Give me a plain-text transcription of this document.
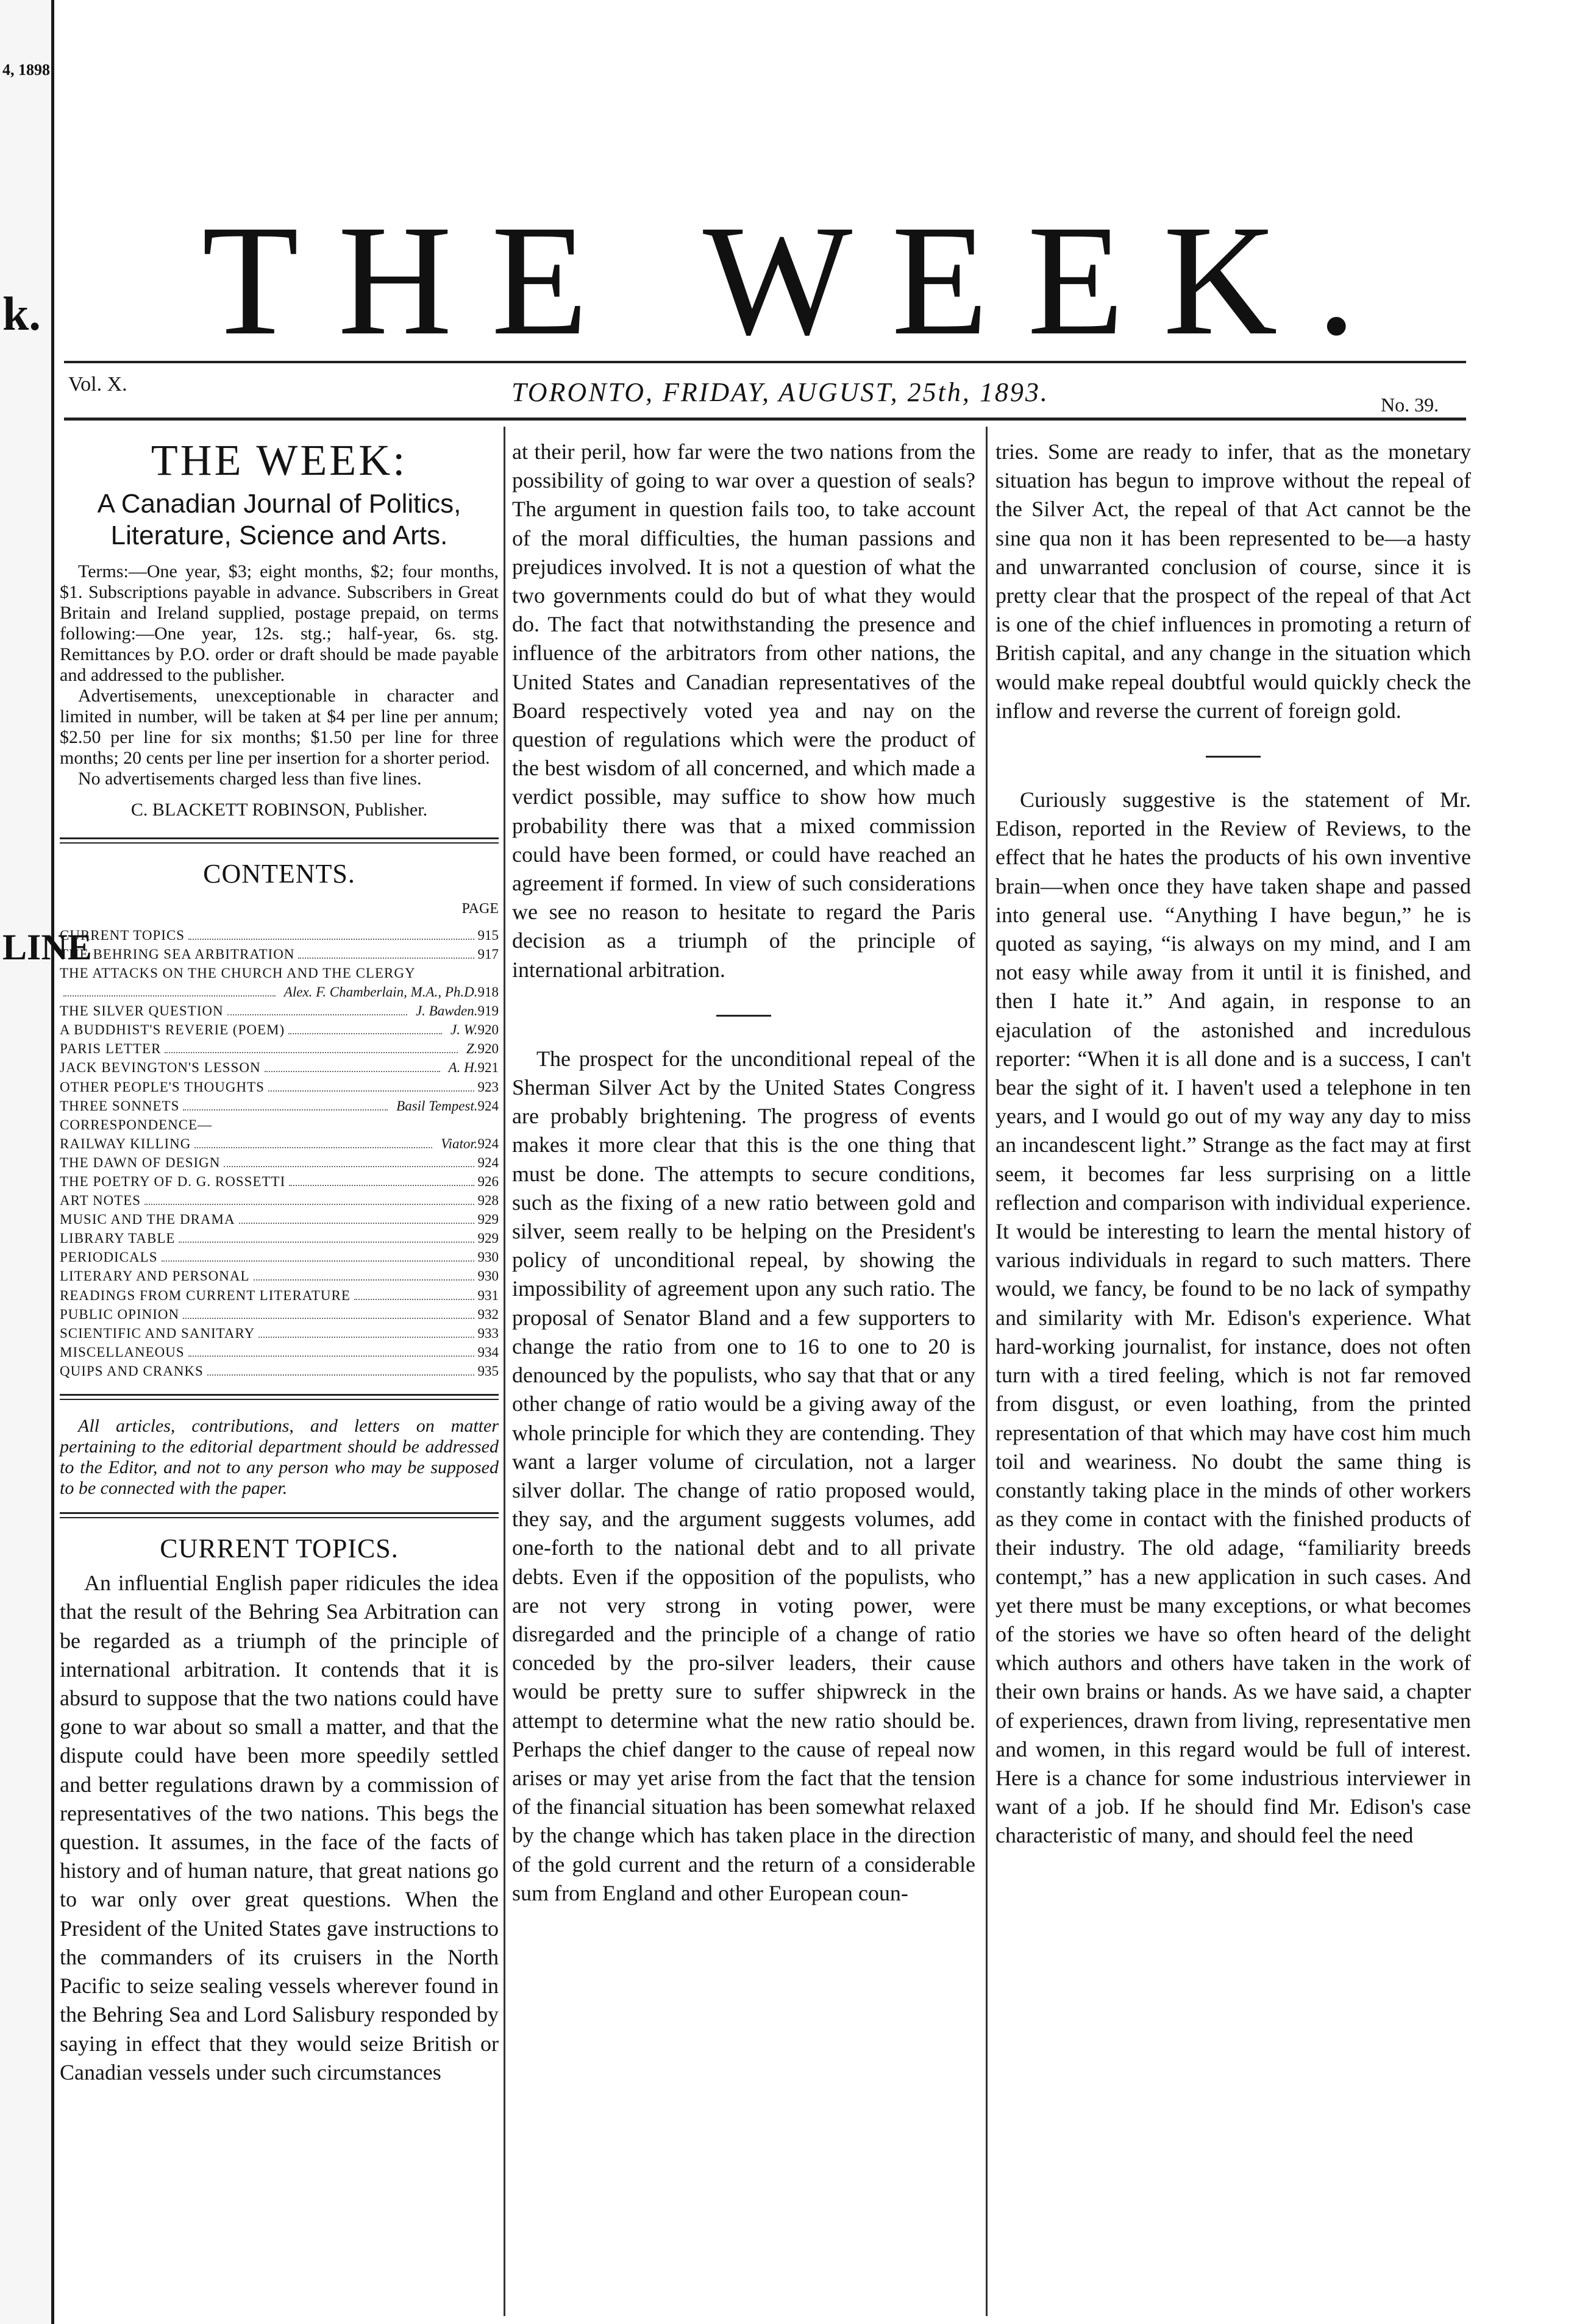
4, 1898
k.
LINE
THE WEEK.
Vol. X.	TORONTO, FRIDAY, AUGUST, 25th, 1893.	No. 39.
THE WEEK:
A Canadian Journal of Politics, Literature, Science and Arts.

Terms:—One year, $3; eight months, $2; four months, $1. Subscriptions payable in advance. Subscribers in Great Britain and Ireland supplied, postage prepaid, on terms following:—One year, 12s. stg.; half-year, 6s. stg. Remittances by P.O. order or draft should be made payable and addressed to the publisher.

Advertisements, unexceptionable in character and limited in number, will be taken at $4 per line per annum; $2.50 per line for six months; $1.50 per line for three months; 20 cents per line per insertion for a shorter period.

No advertisements charged less than five lines.

C. BLACKETT ROBINSON, Publisher.
CONTENTS.
PAGE
CURRENT TOPICS	915
THE BEHRING SEA ARBITRATION	917
THE ATTACKS ON THE CHURCH AND THE CLERGY
Alex. F. Chamberlain, M.A., Ph.D. 918
THE SILVER QUESTION	J. Bawden. 919
A BUDDHIST'S REVERIE (POEM)	J. W. 920
PARIS LETTER	Z. 920
JACK BEVINGTON'S LESSON	A. H. 921
OTHER PEOPLE'S THOUGHTS	923
THREE SONNETS	Basil Tempest. 924
CORRESPONDENCE—
RAILWAY KILLING	Viator. 924
THE DAWN OF DESIGN	924
THE POETRY OF D. G. ROSSETTI	926
ART NOTES	928
MUSIC AND THE DRAMA	929
LIBRARY TABLE	929
PERIODICALS	930
LITERARY AND PERSONAL	930
READINGS FROM CURRENT LITERATURE	931
PUBLIC OPINION	932
SCIENTIFIC AND SANITARY	933
MISCELLANEOUS	934
QUIPS AND CRANKS	935

All articles, contributions, and letters on matter pertaining to the editorial department should be addressed to the Editor, and not to any person who may be supposed to be connected with the paper.

CURRENT TOPICS.

An influential English paper ridicules the idea that the result of the Behring Sea Arbitration can be regarded as a triumph of the principle of international arbitration. It contends that it is absurd to suppose that the two nations could have gone to war about so small a matter, and that the dispute could have been more speedily settled and better regulations drawn by a commission of representatives of the two nations. This begs the question. It assumes, in the face of the facts of history and of human nature, that great nations go to war only over great questions. When the President of the United States gave instructions to the commanders of its cruisers in the North Pacific to seize sealing vessels wherever found in the Behring Sea and Lord Salisbury responded by saying in effect that they would seize British or Canadian vessels under such circumstances

at their peril, how far were the two nations from the possibility of going to war over a question of seals? The argument in question fails too, to take account of the moral difficulties, the human passions and prejudices involved. It is not a question of what the two governments could do but of what they would do. The fact that notwithstanding the presence and influence of the arbitrators from other nations, the United States and Canadian representatives of the Board respectively voted yea and nay on the question of regulations which were the product of the best wisdom of all concerned, and which made a verdict possible, may suffice to show how much probability there was that a mixed commission could have been formed, or could have reached an agreement if formed. In view of such considerations we see no reason to hesitate to regard the Paris decision as a triumph of the principle of international arbitration.

The prospect for the unconditional repeal of the Sherman Silver Act by the United States Congress are probably brightening. The progress of events makes it more clear that this is the one thing that must be done. The attempts to secure conditions, such as the fixing of a new ratio between gold and silver, seem really to be helping on the President's policy of unconditional repeal, by showing the impossibility of agreement upon any such ratio. The proposal of Senator Bland and a few supporters to change the ratio from one to 16 to one to 20 is denounced by the populists, who say that that or any other change of ratio would be a giving away of the whole principle for which they are contending. They want a larger volume of circulation, not a larger silver dollar. The change of ratio proposed would, they say, and the argument suggests volumes, add one-forth to the national debt and to all private debts. Even if the opposition of the populists, who are not very strong in voting power, were disregarded and the principle of a change of ratio conceded by the pro-silver leaders, their cause would be pretty sure to suffer shipwreck in the attempt to determine what the new ratio should be. Perhaps the chief danger to the cause of repeal now arises or may yet arise from the fact that the tension of the financial situation has been somewhat relaxed by the change which has taken place in the direction of the gold current and the return of a considerable sum from England and other European coun-

tries. Some are ready to infer, that as the monetary situation has begun to improve without the repeal of the Silver Act, the repeal of that Act cannot be the sine qua non it has been represented to be—a hasty and unwarranted conclusion of course, since it is pretty clear that the prospect of the repeal of that Act is one of the chief influences in promoting a return of British capital, and any change in the situation which would make repeal doubtful would quickly check the inflow and reverse the current of foreign gold.

Curiously suggestive is the statement of Mr. Edison, reported in the Review of Reviews, to the effect that he hates the products of his own inventive brain—when once they have taken shape and passed into general use. “Anything I have begun,” he is quoted as saying, “is always on my mind, and I am not easy while away from it until it is finished, and then I hate it.” And again, in response to an ejaculation of the astonished and incredulous reporter: “When it is all done and is a success, I can't bear the sight of it. I haven't used a telephone in ten years, and I would go out of my way any day to miss an incandescent light.” Strange as the fact may at first seem, it becomes far less surprising on a little reflection and comparison with individual experience. It would be interesting to learn the mental history of various individuals in regard to such matters. There would, we fancy, be found to be no lack of sympathy and similarity with Mr. Edison's experience. What hard-working journalist, for instance, does not often turn with a tired feeling, which is not far removed from disgust, or even loathing, from the printed representation of that which may have cost him much toil and weariness. No doubt the same thing is constantly taking place in the minds of other workers as they come in contact with the finished products of their industry. The old adage, “familiarity breeds contempt,” has a new application in such cases. And yet there must be many exceptions, or what becomes of the stories we have so often heard of the delight which authors and others have taken in the work of their own brains or hands. As we have said, a chapter of experiences, drawn from living, representative men and women, in this regard would be full of interest. Here is a chance for some industrious interviewer in want of a job. If he should find Mr. Edison's case characteristic of many, and should feel the need
